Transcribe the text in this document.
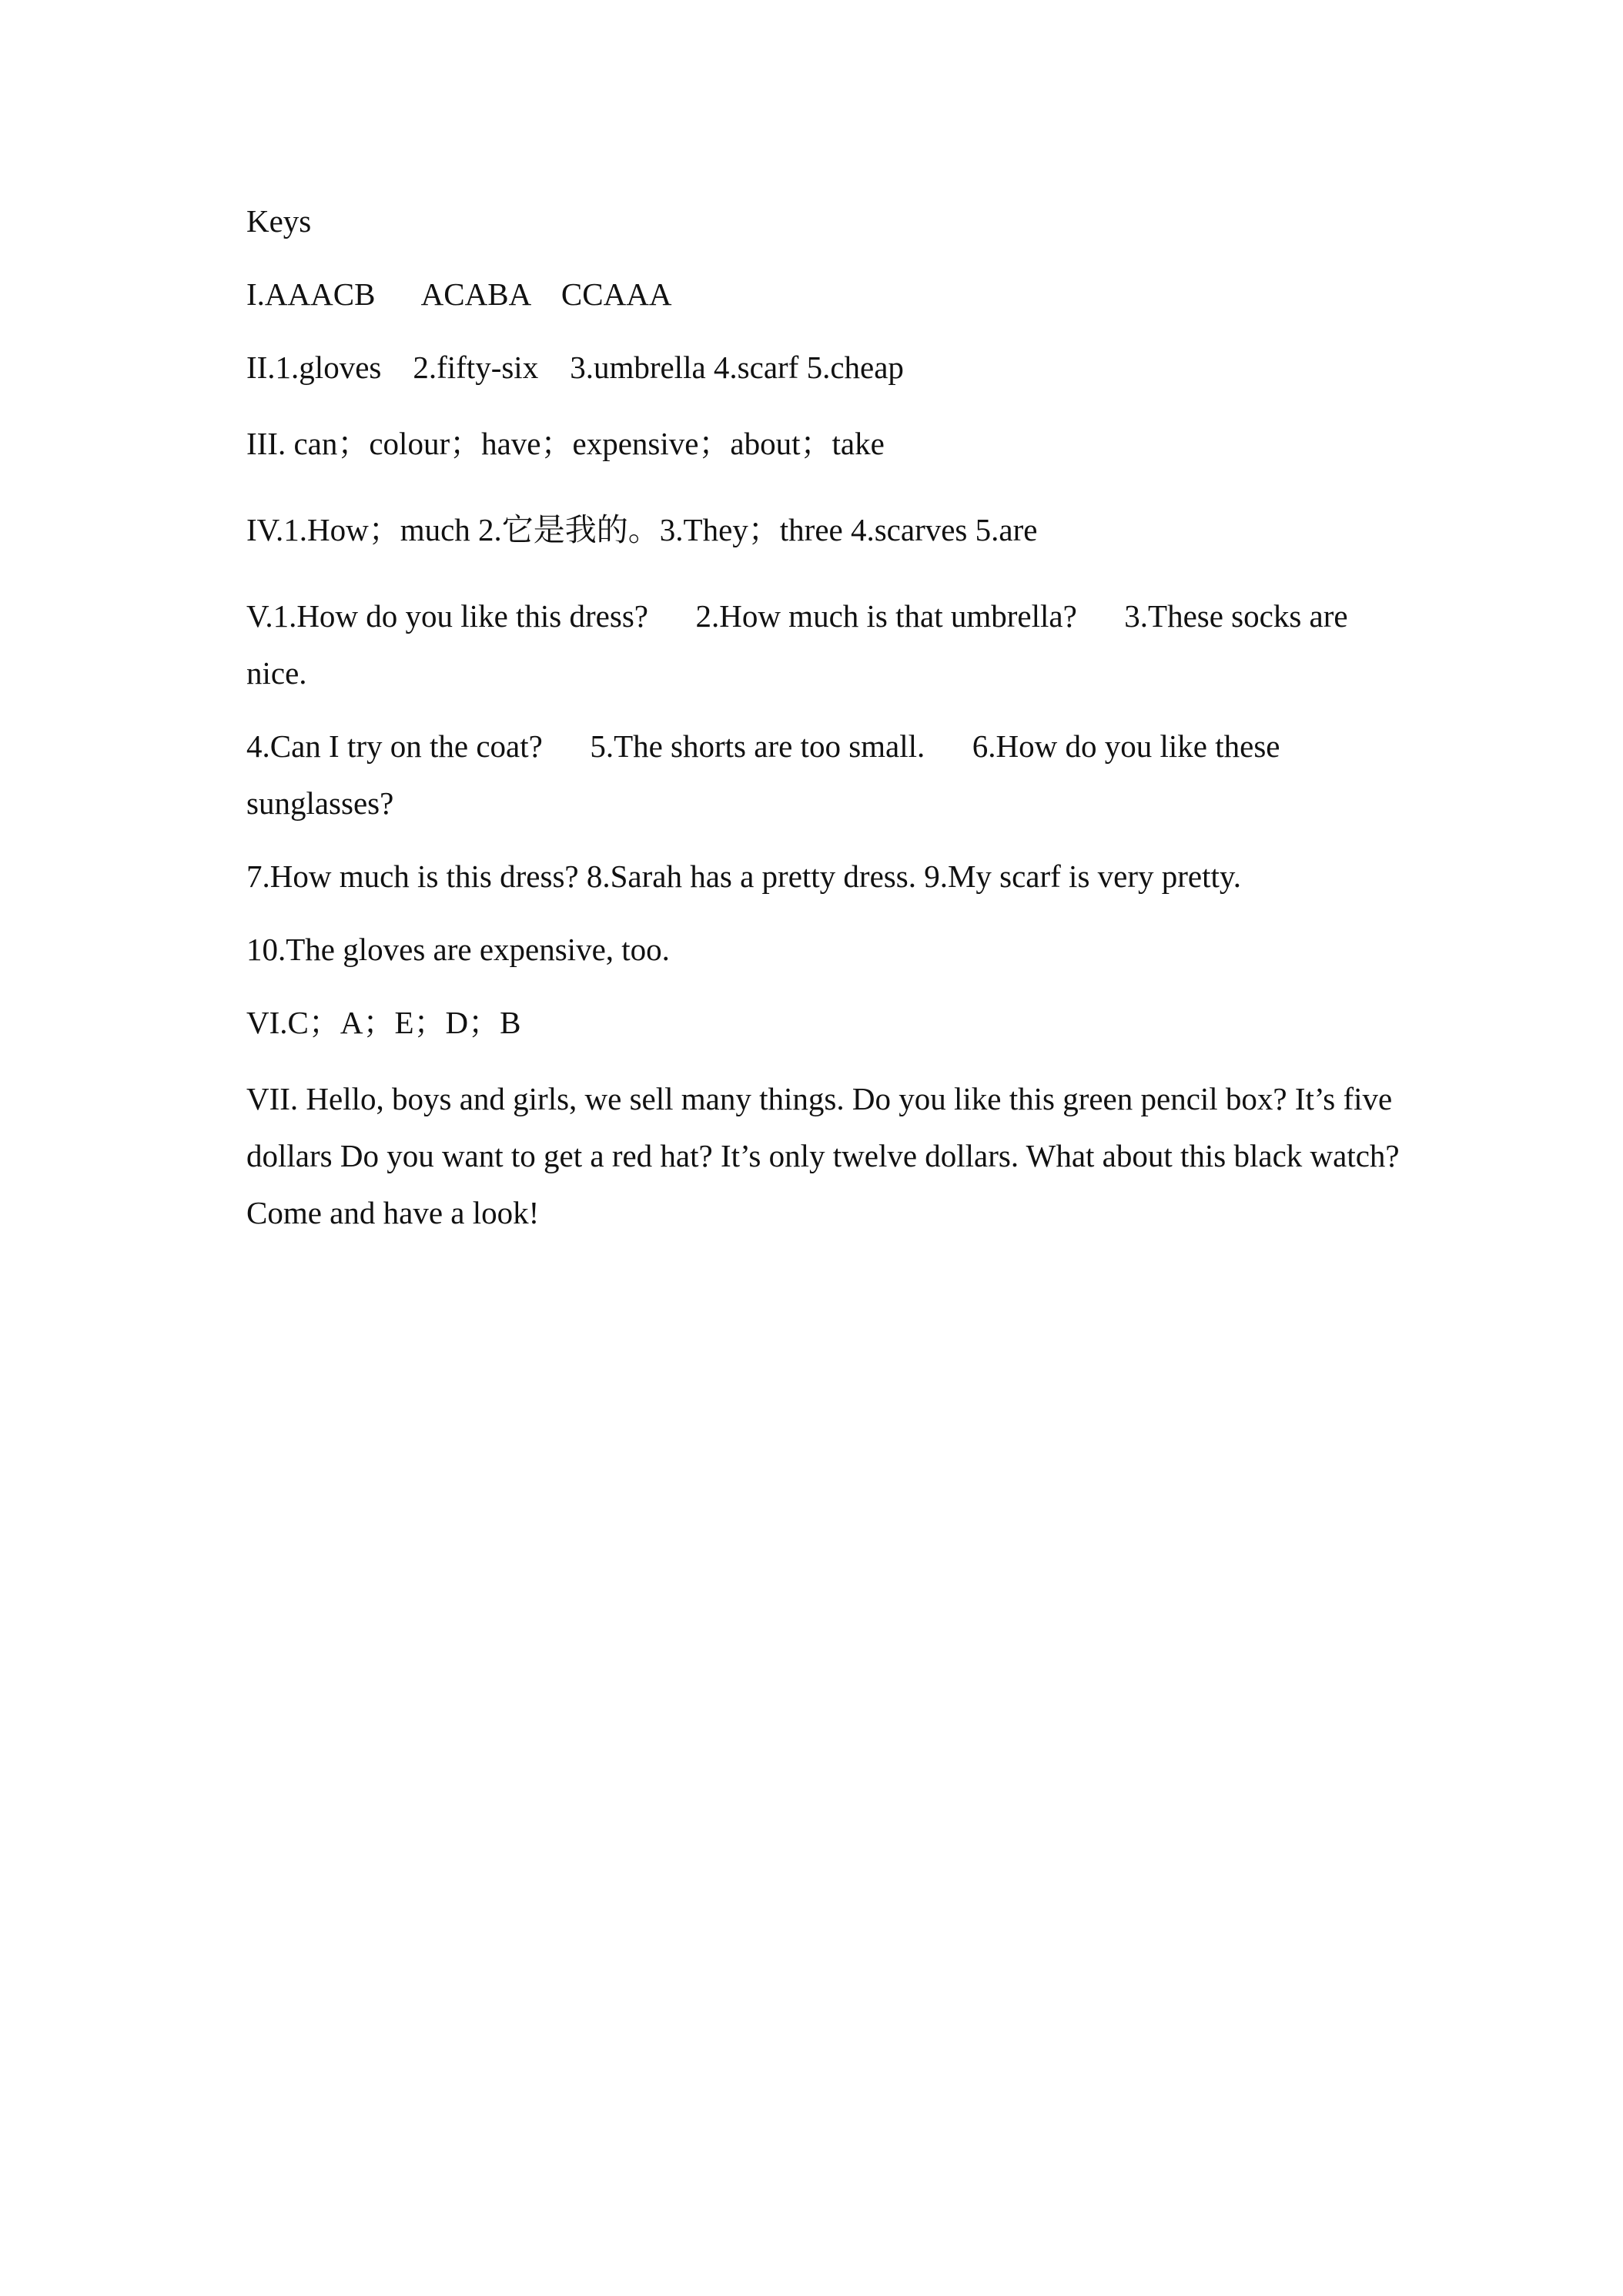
Keys

I.AAACB      ACABA    CCAAA

II.1.gloves    2.fifty-six    3.umbrella 4.scarf 5.cheap

III. can；colour；have；expensive；about；take

IV.1.How；much 2.它是我的。3.They；three 4.scarves 5.are

V.1.How do you like this dress?      2.How much is that umbrella?      3.These socks are nice.

4.Can I try on the coat?      5.The shorts are too small.      6.How do you like these sunglasses?

7.How much is this dress? 8.Sarah has a pretty dress. 9.My scarf is very pretty.

10.The gloves are expensive, too.

VI.C；A；E；D；B

VII. Hello, boys and girls, we sell many things. Do you like this green pencil box? It’s five dollars Do you want to get a red hat? It’s only twelve dollars. What about this black watch? Come and have a look!
